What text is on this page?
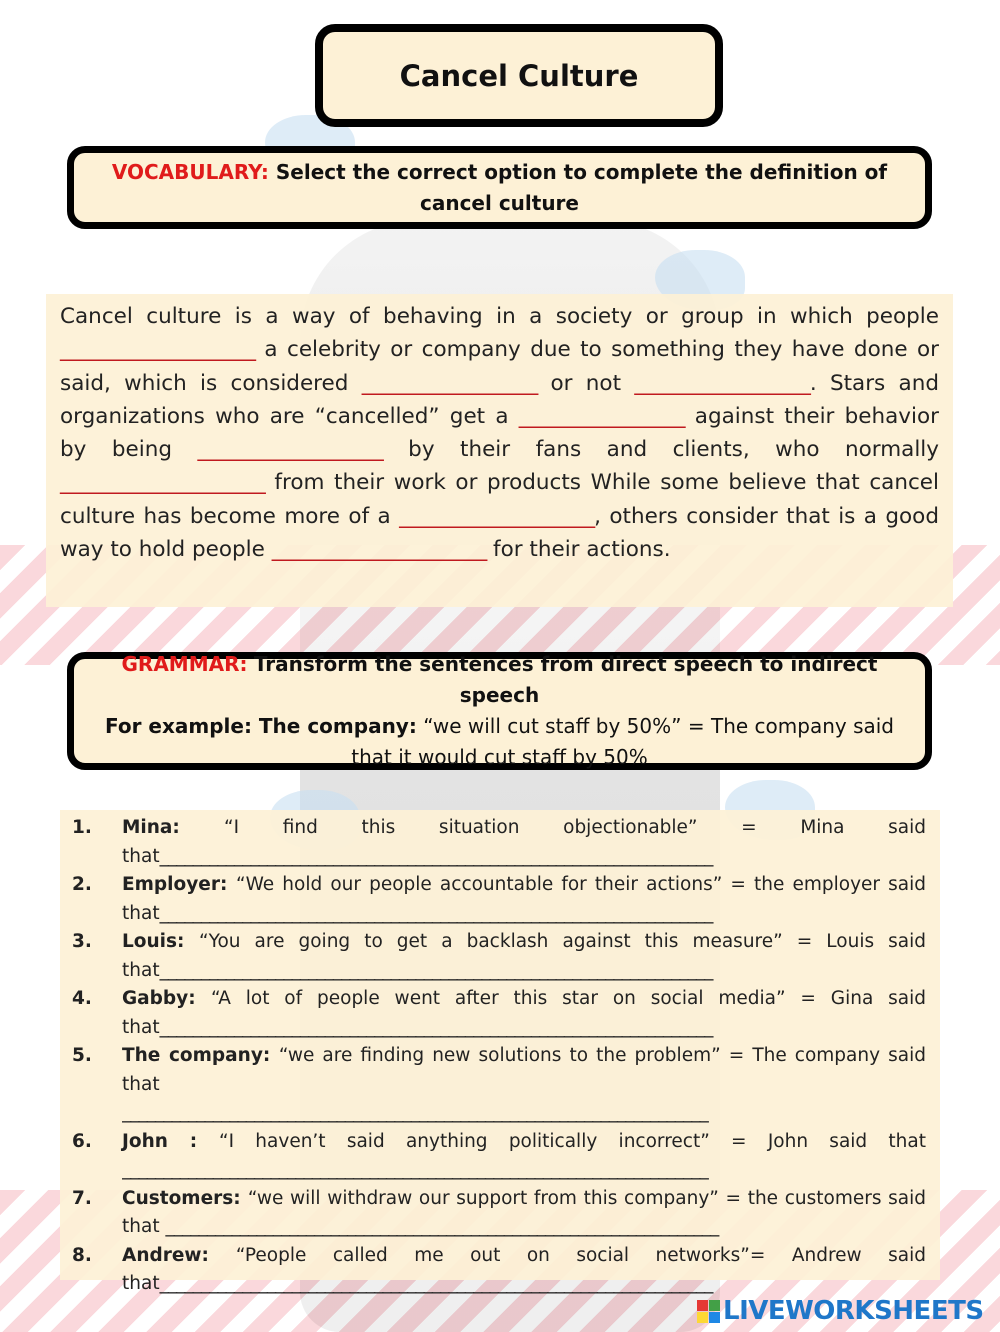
Cancel Culture
VOCABULARY: Select the correct option to complete the definition of cancel culture
Cancel culture is a way of behaving in a society or group in which people ____________________ a celebrity or company due to something they have done or said, which is considered __________________ or not __________________. Stars and organizations who are “cancelled” get a _________________ against their behavior by being ___________________ by their fans and clients, who normally _____________________ from their work or products While some believe that cancel culture has become more of a ____________________, others consider that is a good way to hold people ______________________ for their actions.
GRAMMAR: Transform the sentences from direct speech to indirect speech
For example: The company: “we will cut staff by 50%” = The company said that it would cut staff by 50%
1.	Mina: “I find this situation objectionable” = Mina said
that___________________________________________________________________
2.	Employer: “We hold our people accountable for their actions” = the employer said
that___________________________________________________________________
3.	Louis: “You are going to get a backlash against this measure” = Louis said
that___________________________________________________________________
4.	Gabby: “A lot of people went after this star on social media” = Gina said
that___________________________________________________________________
5.	The company: “we are finding new solutions to the problem” = The company said that
_______________________________________________________________________
6.	John : “I haven’t said anything politically incorrect” = John said that
_______________________________________________________________________
7.	Customers: “we will withdraw our support from this company” = the customers said
that ___________________________________________________________________
8.	Andrew: “People called me out on social networks”= Andrew said
that___________________________________________________________________
LIVEWORKSHEETS
